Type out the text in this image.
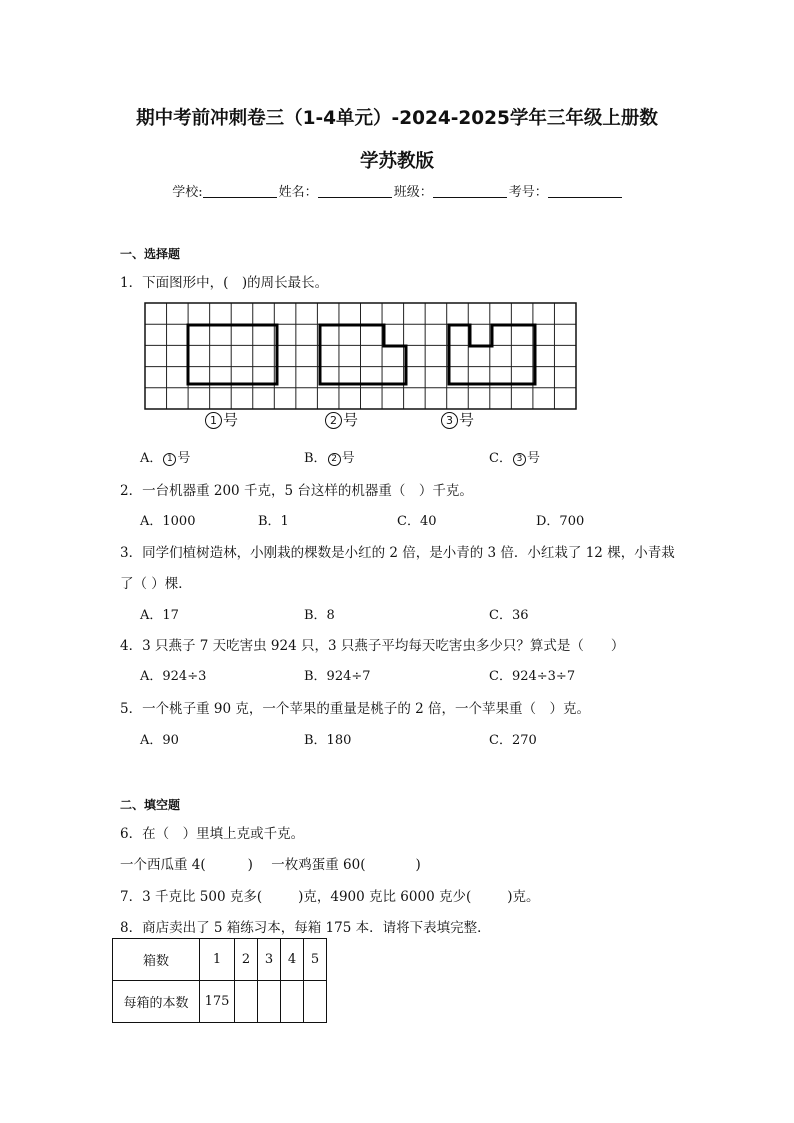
期中考前冲刺卷三（1-4单元）-2024-2025学年三年级上册数
学苏教版
学校:	姓名：	班级：	考号：
一、选择题
1．下面图形中，(　)的周长最长。
1 号	2 号	3 号
A． 1 号	B． 2 号	C． 3 号
2．一台机器重 200 千克，5 台这样的机器重（　）千克。
A．1000	B．1	C．40	D．700
3．同学们植树造林，小刚栽的棵数是小红的 2 倍，是小青的 3 倍．小红栽了 12 棵，小青栽
了（ ）棵．
A．17	B．8	C．36
4．3 只燕子 7 天吃害虫 924 只，3 只燕子平均每天吃害虫多少只？算式是（　　）
A．924÷3	B．924÷7	C．924÷3÷7
5．一个桃子重 90 克，一个苹果的重量是桃子的 2 倍，一个苹果重（　）克。
A．90	B．180	C．270
二、填空题
6．在（　）里填上克或千克。
一个西瓜重 4(	) 一枚鸡蛋重 60(	)
7．3 千克比 500 克多(	)克，4900 克比 6000 克少(	)克。
8．商店卖出了 5 箱练习本，每箱 175 本．请将下表填完整．
箱数	1	2	3	4	5
每箱的本数	175				
